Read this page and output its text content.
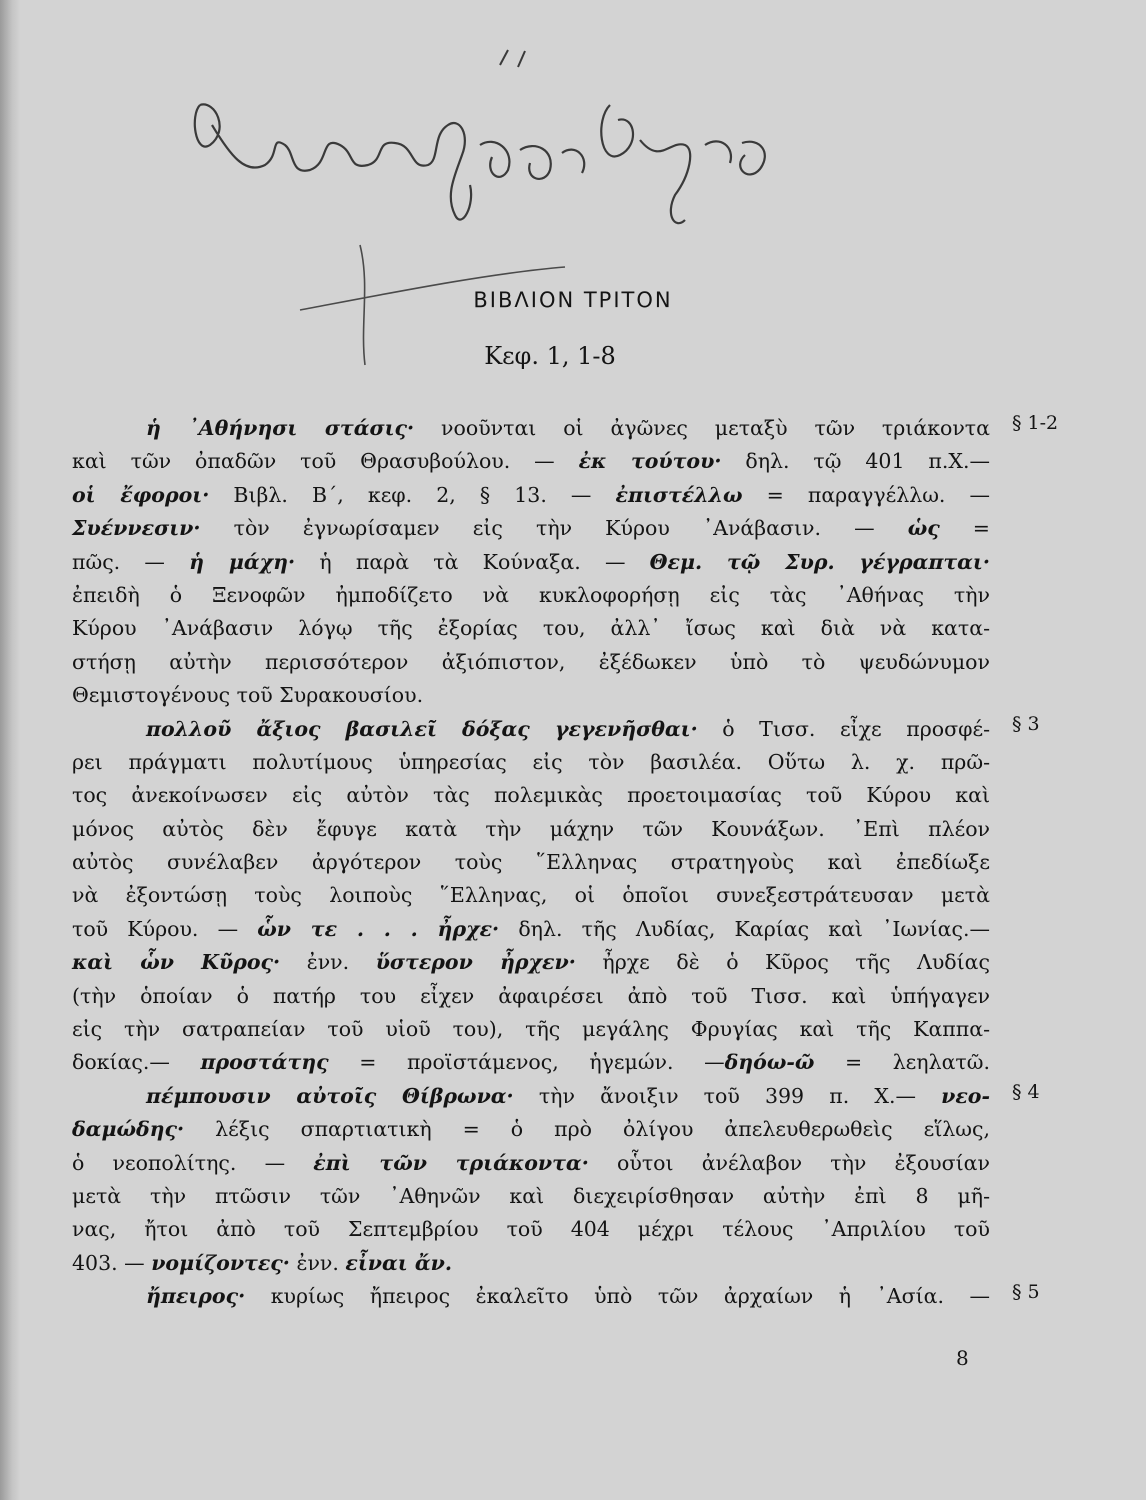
ΒΙΒΛΙΟΝ ΤΡΙΤΟΝ
Κεφ. 1, 1-8
ἡ ᾿Αθήνησι στάσις· νοοῦνται οἱ ἀγῶνες μεταξὺ τῶν τριάκοντα
καὶ τῶν ὀπαδῶν τοῦ Θρασυβούλου. — ἐκ τούτου· δηλ. τῷ 401 π.Χ.—
οἱ ἔφοροι· Βιβλ. Β΄, κεφ. 2, § 13. — ἐπιστέλλω = παραγγέλλω. —
Συέννεσιν· τὸν ἐγνωρίσαμεν εἰς τὴν Κύρου ᾿Ανάβασιν. — ὡς =
πῶς. — ἡ μάχη· ἡ παρὰ τὰ Κούναξα. — Θεμ. τῷ Συρ. γέγραπται·
ἐπειδὴ ὁ Ξενοφῶν ἠμποδίζετο νὰ κυκλοφορήσῃ εἰς τὰς ᾿Αθήνας τὴν
Κύρου ᾿Ανάβασιν λόγῳ τῆς ἐξορίας του, ἀλλ᾿ ἴσως καὶ διὰ νὰ κατα-
στήσῃ αὐτὴν περισσότερον ἀξιόπιστον, ἐξέδωκεν ὑπὸ τὸ ψευδώνυμον
Θεμιστογένους τοῦ Συρακουσίου.
πολλοῦ ἄξιος βασιλεῖ δόξας γεγενῆσθαι· ὁ Τισσ. εἶχε προσφέ-
ρει πράγματι πολυτίμους ὑπηρεσίας εἰς τὸν βασιλέα. Οὕτω λ. χ. πρῶ-
τος ἀνεκοίνωσεν εἰς αὐτὸν τὰς πολεμικὰς προετοιμασίας τοῦ Κύρου καὶ
μόνος αὐτὸς δὲν ἔφυγε κατὰ τὴν μάχην τῶν Κουνάξων. ᾿Επὶ πλέον
αὐτὸς συνέλαβεν ἀργότερον τοὺς ῞Ελληνας στρατηγοὺς καὶ ἐπεδίωξε
νὰ ἐξοντώσῃ τοὺς λοιποὺς ῞Ελληνας, οἱ ὁποῖοι συνεξεστράτευσαν μετὰ
τοῦ Κύρου. — ὧν τε . . . ἦρχε· δηλ. τῆς Λυδίας, Καρίας καὶ ᾿Ιωνίας.—
καὶ ὧν Κῦρος· ἐνν. ὕστερον ἦρχεν· ἦρχε δὲ ὁ Κῦρος τῆς Λυδίας
(τὴν ὁποίαν ὁ πατήρ του εἶχεν ἀφαιρέσει ἀπὸ τοῦ Τισσ. καὶ ὑπήγαγεν
εἰς τὴν σατραπείαν τοῦ υἱοῦ του), τῆς μεγάλης Φρυγίας καὶ τῆς Καππα-
δοκίας.— προστάτης = προϊστάμενος, ἡγεμών. —δηόω-ῶ = λεηλατῶ.
πέμπουσιν αὐτοῖς Θίβρωνα· τὴν ἄνοιξιν τοῦ 399 π. Χ.— νεο-
δαμώδης· λέξις σπαρτιατικὴ = ὁ πρὸ ὀλίγου ἀπελευθερωθεὶς εἵλως,
ὁ νεοπολίτης. — ἐπὶ τῶν τριάκοντα· οὗτοι ἀνέλαβον τὴν ἐξουσίαν
μετὰ τὴν πτῶσιν τῶν ᾿Αθηνῶν καὶ διεχειρίσθησαν αὐτὴν ἐπὶ 8 μῆ-
νας, ἤτοι ἀπὸ τοῦ Σεπτεμβρίου τοῦ 404 μέχρι τέλους ᾿Απριλίου τοῦ
403. — νομίζοντες· ἐνν. εἶναι ἄν.
ἤπειρος· κυρίως ἤπειρος ἐκαλεῖτο ὑπὸ τῶν ἀρχαίων ἡ ᾿Ασία. —
§ 1-2
§ 3
§ 4
§ 5
8
